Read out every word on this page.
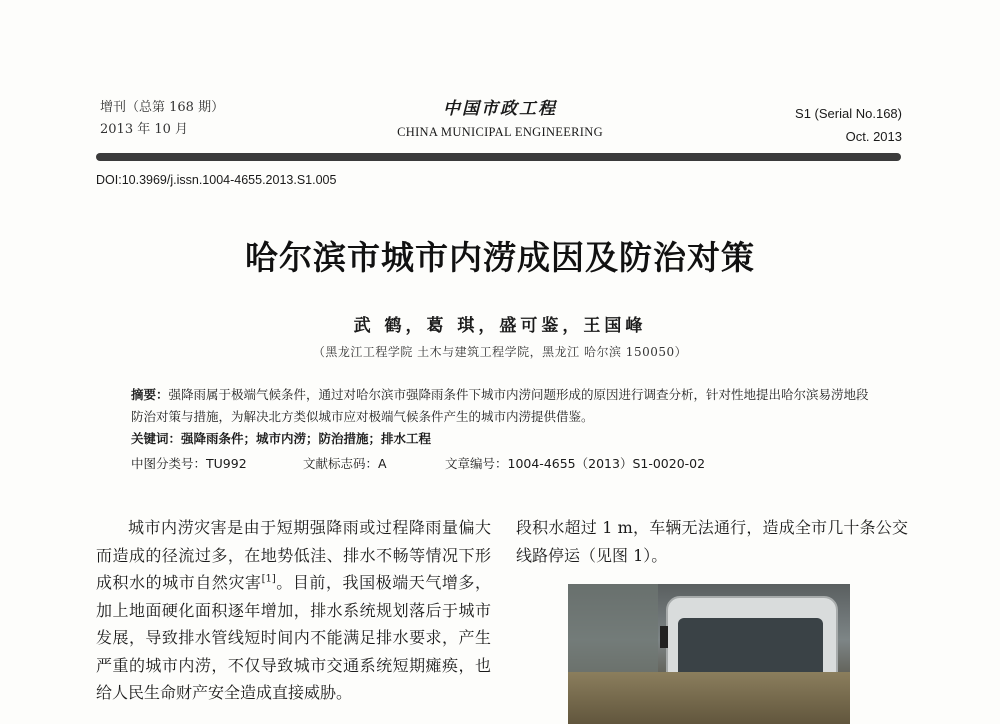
增刊（总第 168 期）
2013 年 10 月
中国市政工程
CHINA MUNICIPAL ENGINEERING
S1 (Serial No.168)
Oct. 2013
DOI:10.3969/j.issn.1004-4655.2013.S1.005
哈尔滨市城市内涝成因及防治对策
武 鹤，葛 琪，盛可鉴，王国峰
（黑龙江工程学院 土木与建筑工程学院，黑龙江 哈尔滨 150050）
摘要：强降雨属于极端气候条件，通过对哈尔滨市强降雨条件下城市内涝问题形成的原因进行调查分析，针对性地提出哈尔滨易涝地段防治对策与措施，为解决北方类似城市应对极端气候条件产生的城市内涝提供借鉴。
关键词：强降雨条件；城市内涝；防治措施；排水工程
中图分类号：TU992	文献标志码：A	文章编号：1004-4655（2013）S1-0020-02
城市内涝灾害是由于短期强降雨或过程降雨量偏大而造成的径流过多，在地势低洼、排水不畅等情况下形成积水的城市自然灾害[1]。目前，我国极端天气增多，加上地面硬化面积逐年增加，排水系统规划落后于城市发展，导致排水管线短时间内不能满足排水要求，产生严重的城市内涝，不仅导致城市交通系统短期瘫痪，也给人民生命财产安全造成直接威胁。
段积水超过 1 m，车辆无法通行，造成全市几十条公交线路停运（见图 1）。
